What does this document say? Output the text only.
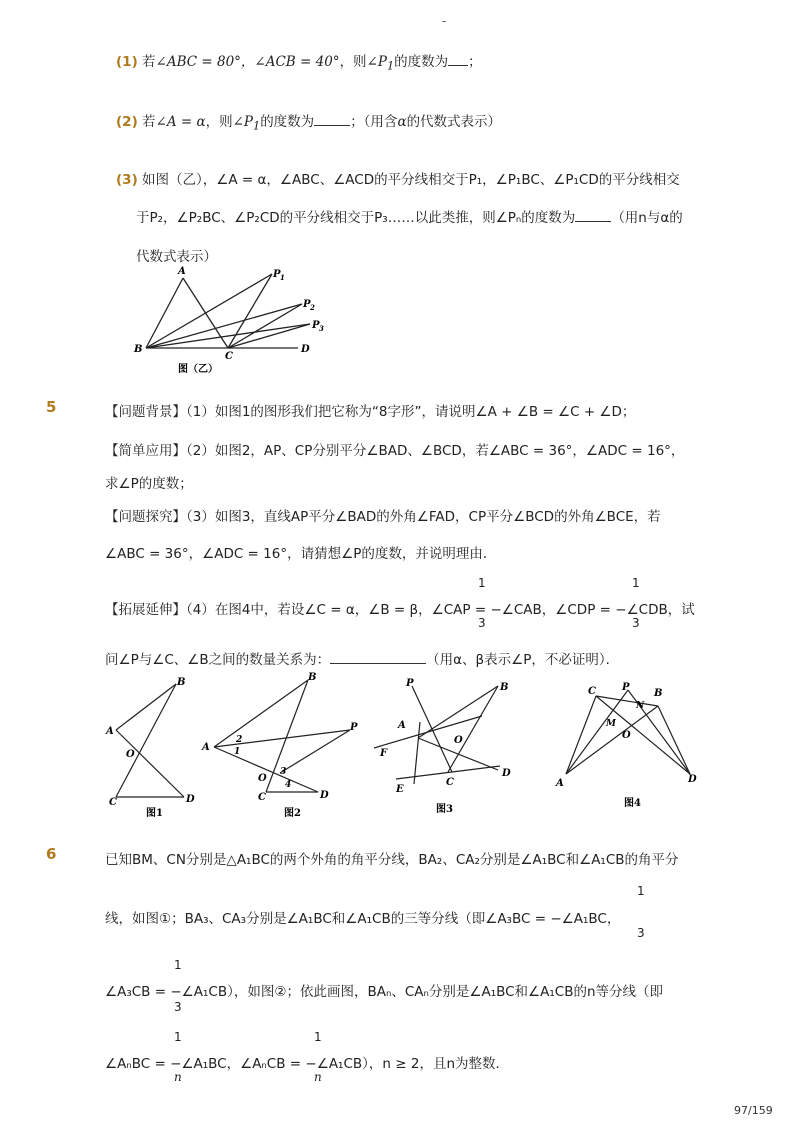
-
(1) 若∠ABC = 80°，∠ACB = 40°，则$\angle P_1$的度数为 ；
(2) 若∠A = α，则$\angle P_1$的度数为	；（用含α的代数式表示）
(3) 如图（乙），∠A = α，∠ABC、∠ACD的平分线相交于P₁，∠P₁BC、∠P₁CD的平分线相交
于P₂，∠P₂BC、∠P₂CD的平分线相交于P₃……以此类推，则∠Pₙ的度数为	（用n与α的
代数式表示）
A
B
C
D
P 1
P 2
P 3
图（乙）
5	【问题背景】（1）如图1的图形我们把它称为“8字形”，请说明∠A + ∠B = ∠C + ∠D；
【简单应用】（2）如图2，AP、CP分别平分∠BAD、∠BCD，若∠ABC = 36°，∠ADC = 16°，
求∠P的度数；
【问题探究】（3）如图3，直线AP平分∠BAD的外角∠FAD，CP平分∠BCD的外角∠BCE，若
∠ABC = 36°，∠ADC = 16°，请猜想∠P的度数，并说明理由．
【拓展延伸】（4）在图4中，若设∠C = α，∠B = β，∠CAP = −∠CAB，∠CDP = −∠CDB，试
1
3
1
3
问∠P与∠C、∠B之间的数量关系为：	（用α、β表示∠P，不必证明）．
A
B
C	D
O
图1
A
B
C	D
O
P
1
2
3
4
图2
P	B
A
O
F
C
D
E
图3
C	P
B
N
M
O
A	D
图4
6	已知BM、CN分别是△A₁BC的两个外角的角平分线，BA₂、CA₂分别是∠A₁BC和∠A₁CB的角平分
1
线，如图①；BA₃、CA₃分别是∠A₁BC和∠A₁CB的三等分线（即∠A₃BC = −∠A₁BC，
3
1
∠A₃CB = −∠A₁CB），如图②；依此画图，BAₙ、CAₙ分别是∠A₁BC和∠A₁CB的n等分线（即
3
1	1
∠AₙBC = −∠A₁BC，∠AₙCB = −∠A₁CB），n ≥ 2，且n为整数．
n	n
97/159
